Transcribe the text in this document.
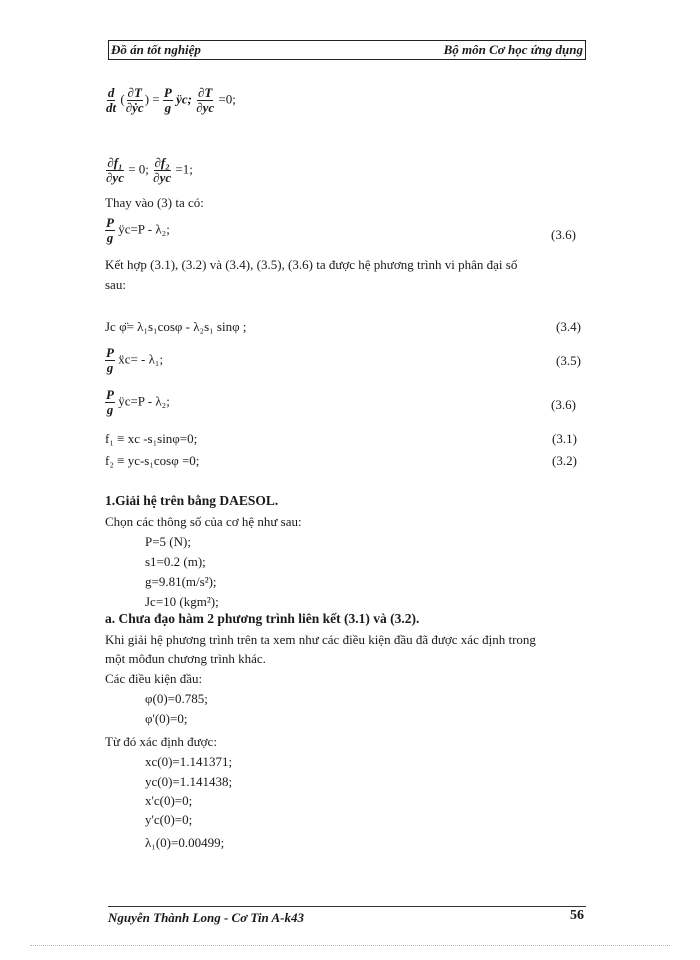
Đồ án tốt nghiệp	Bộ môn Cơ học ứng dụng
$\frac{d}{dt}$ ( $\frac{\partial T}{\text{∂ẏc}}$ ) = $\frac{P}{g}$ ÿc; $\frac{\partial T}{\partial yc} =0$;
$\frac{\text{∂f₁}}{\partial yc} = 0$; $\frac{\text{∂f₂}}{\partial yc} =1$;
Thay vào (3) ta có:
$\frac{P}{g}$ ÿc=P - λ₂;	(3.6)
Kết hợp (3.1), (3.2) và (3.4), (3.5), (3.6) ta được hệ phương trình vi phân đại số
sau:
Jc φ̈= λ₁s₁cosφ - λ₂s₁ sinφ ;	(3.4)
$\frac{P}{g}$ ẍc= - λ₁;	(3.5)
$\frac{P}{g}$ ÿc=P - λ₂;	(3.6)
f₁ ≡ xc -s₁sinφ=0;	(3.1)
f₂ ≡ yc-s₁cosφ =0;	(3.2)
1.Giải hệ trên bằng DAESOL.
Chọn các thông số của cơ hệ như sau:
P=5 (N);
s1=0.2 (m);
g=9.81(m/s²);
Jc=10 (kgm²);
a. Chưa đạo hàm 2 phương trình liên kết (3.1) và (3.2).
Khi giải hệ phương trình trên ta xem như các điều kiện đầu đã được xác định trong
một môđun chương trình khác.
Các điều kiện đầu:
φ(0)=0.785;
φ'(0)=0;
Từ đó xác định được:
xc(0)=1.141371;
yc(0)=1.141438;
x'c(0)=0;
y'c(0)=0;
λ₁(0)=0.00499;
Nguyễn Thành Long - Cơ Tin A-k43	56
